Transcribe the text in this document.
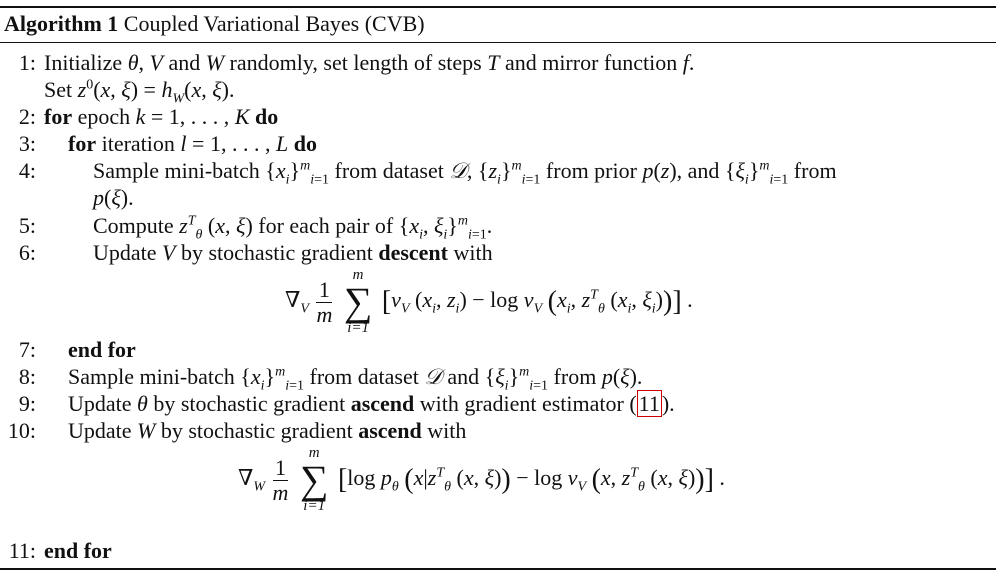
Algorithm 1 Coupled Variational Bayes (CVB)
1: Initialize θ, V and W randomly, set length of steps T and mirror function f.
Set $z^0(x$, $\xi) = h_W(x$, ξ).
2: for epoch k = 1, . . . , K do
3: for iteration l = 1, . . . , L do
4:	Sample mini-batch $\{x_i\}^m_{i=1}$ from dataset 𝒟, $\{z_i\}^m_{i=1}$ from prior p(z), and $\{\xi_i\}^m_{i=1}$ from
p(ξ).
5:	Compute $z^T_\theta$ (x, ξ) for each pair of {$x_i$, $\xi_i\}^m_{i=1}$.
6:	Update V by stochastic gradient descent with
$\nabla_V \frac{1}{m}$

m
∑
i=1
[$\nu_V$ ($x_i$, $z_i) - \log \nu_V$ ($x_i$, $z^T_\theta$ ($x_i$, $\xi_i$))] .
7: end for
8: Sample mini-batch $\{x_i\}^m_{i=1}$ from dataset 𝒟 and $\{\xi_i\}^m_{i=1}$ from p(ξ).
9: Update θ by stochastic gradient ascend with gradient estimator (11).
10: Update W by stochastic gradient ascend with
$\nabla_W \frac{1}{m}$

m
∑
i=1
[log $p_\theta$ ($x|z^T_\theta$ (x, $\xi)) - \log \nu_V$ (x, $z^T_\theta$ (x, ξ))] .
11: end for
